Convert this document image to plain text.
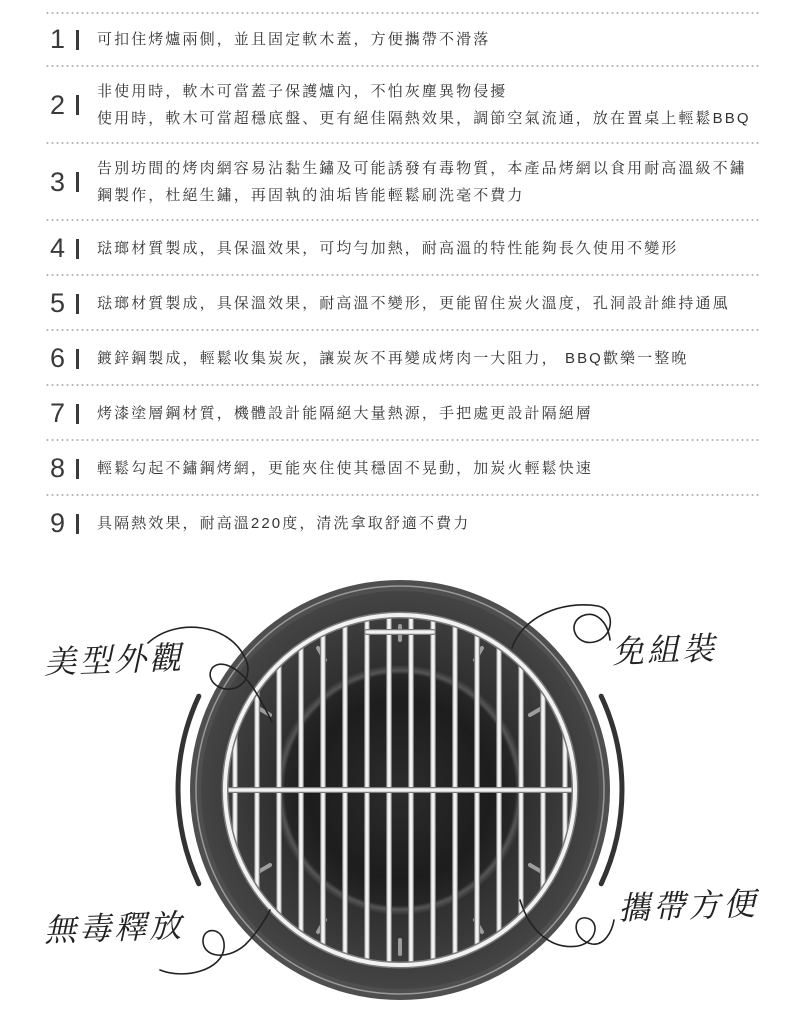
1	可扣住烤爐兩側，並且固定軟木蓋，方便攜帶不滑落
2	非使用時，軟木可當蓋子保護爐內，不怕灰塵異物侵擾
使用時，軟木可當超穩底盤、更有絕佳隔熱效果，調節空氣流通，放在置桌上輕鬆BBQ
3	告別坊間的烤肉網容易沾黏生鏽及可能誘發有毒物質，本產品烤網以食用耐高溫級不鏽
鋼製作，杜絕生鏽，再固執的油垢皆能輕鬆刷洗毫不費力
4	琺瑯材質製成，具保溫效果，可均勻加熱，耐高溫的特性能夠長久使用不變形
5	琺瑯材質製成，具保溫效果，耐高溫不變形，更能留住炭火溫度，孔洞設計維持通風
6	鍍鋅鋼製成，輕鬆收集炭灰，讓炭灰不再變成烤肉一大阻力， BBQ歡樂一整晚
7	烤漆塗層鋼材質，機體設計能隔絕大量熱源，手把處更設計隔絕層
8	輕鬆勾起不鏽鋼烤網，更能夾住使其穩固不晃動，加炭火輕鬆快速
9	具隔熱效果，耐高溫220度，清洗拿取舒適不費力
美型外觀	免組裝
無毒釋放
攜帶方便
